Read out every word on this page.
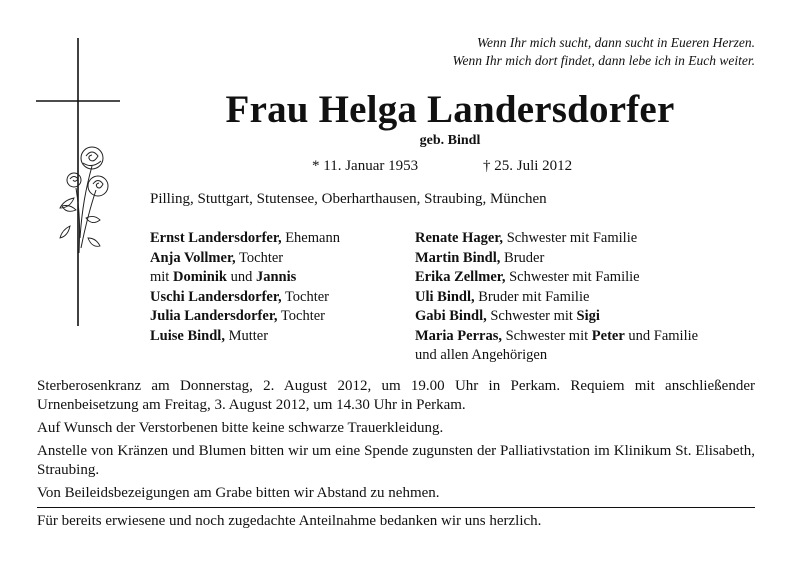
Wenn Ihr mich sucht, dann sucht in Eueren Herzen.
Wenn Ihr mich dort findet, dann lebe ich in Euch weiter.
Frau Helga Landersdorfer
geb. Bindl
* 11. Januar 1953	† 25. Juli 2012
Pilling, Stuttgart, Stutensee, Oberharthausen, Straubing, München
Ernst Landersdorfer, Ehemann
Anja Vollmer, Tochter
mit Dominik und Jannis
Uschi Landersdorfer, Tochter
Julia Landersdorfer, Tochter
Luise Bindl, Mutter
Renate Hager, Schwester mit Familie
Martin Bindl, Bruder
Erika Zellmer, Schwester mit Familie
Uli Bindl, Bruder mit Familie
Gabi Bindl, Schwester mit Sigi
Maria Perras, Schwester mit Peter und Familie
und allen Angehörigen
Sterberosenkranz am Donnerstag, 2. August 2012, um 19.00 Uhr in Perkam. Requiem mit anschließender Urnenbeisetzung am Freitag, 3. August 2012, um 14.30 Uhr in Perkam.
Auf Wunsch der Verstorbenen bitte keine schwarze Trauerkleidung.
Anstelle von Kränzen und Blumen bitten wir um eine Spende zugunsten der Palliativstation im Klinikum St. Elisabeth, Straubing.
Von Beileidsbezeigungen am Grabe bitten wir Abstand zu nehmen.
Für bereits erwiesene und noch zugedachte Anteilnahme bedanken wir uns herzlich.
